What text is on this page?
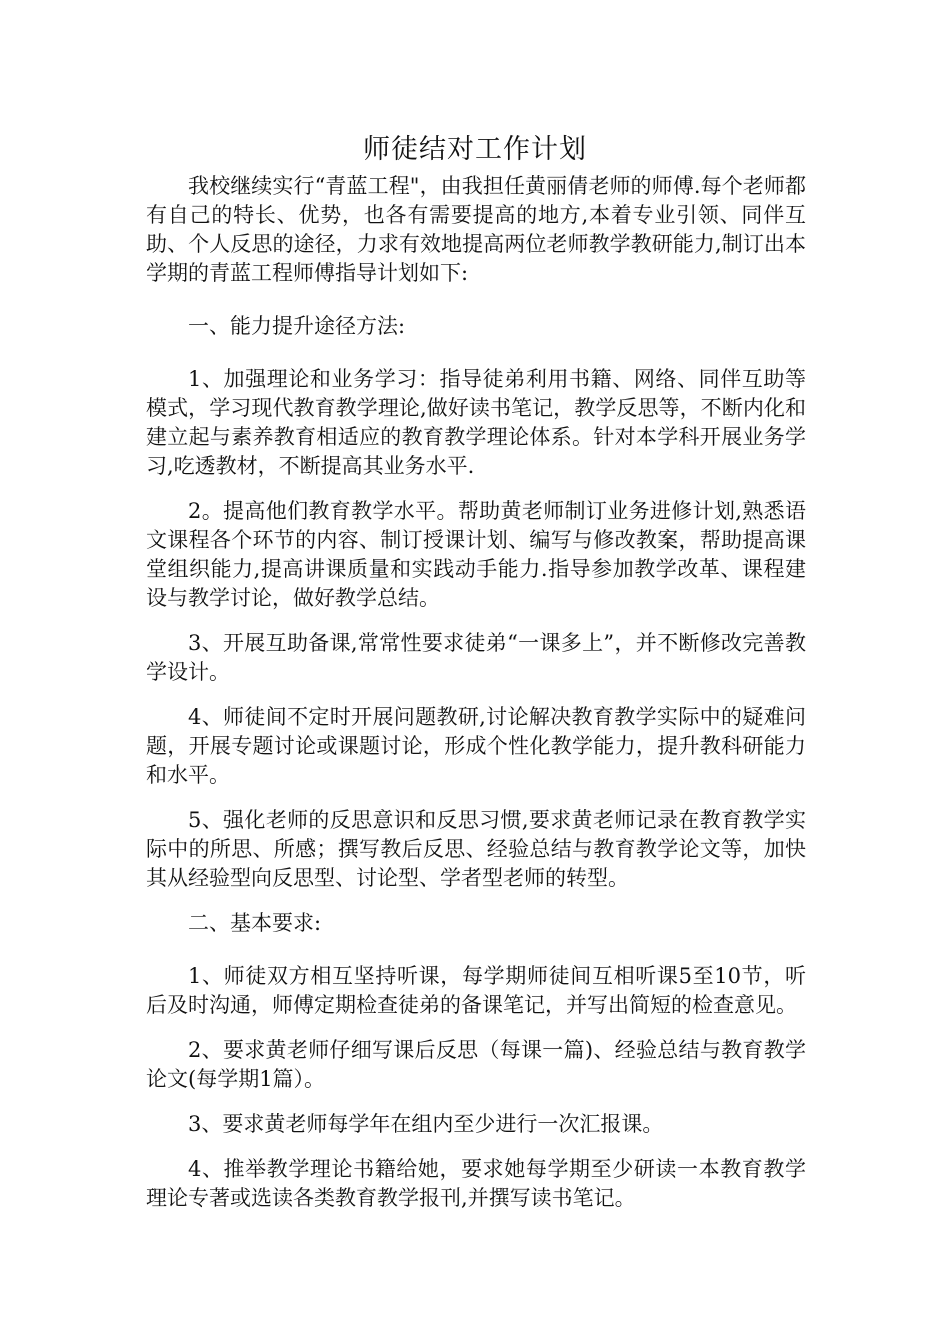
师徒结对工作计划

我校继续实行“青蓝工程"，由我担任黄丽倩老师的师傅.每个老师都有自己的特长、优势，也各有需要提高的地方,本着专业引领、同伴互助、个人反思的途径，力求有效地提高两位老师教学教研能力,制订出本学期的青蓝工程师傅指导计划如下:

一、能力提升途径方法:

1、加强理论和业务学习：指导徒弟利用书籍、网络、同伴互助等模式，学习现代教育教学理论,做好读书笔记，教学反思等，不断内化和建立起与素养教育相适应的教育教学理论体系。针对本学科开展业务学习,吃透教材，不断提高其业务水平.

2。提高他们教育教学水平。帮助黄老师制订业务进修计划,熟悉语文课程各个环节的内容、制订授课计划、编写与修改教案，帮助提高课堂组织能力,提高讲课质量和实践动手能力.指导参加教学改革、课程建设与教学讨论，做好教学总结。

3、开展互助备课,常常性要求徒弟“一课多上”，并不断修改完善教学设计。

4、师徒间不定时开展问题教研,讨论解决教育教学实际中的疑难问题，开展专题讨论或课题讨论，形成个性化教学能力，提升教科研能力和水平。

5、强化老师的反思意识和反思习惯,要求黄老师记录在教育教学实际中的所思、所感；撰写教后反思、经验总结与教育教学论文等，加快其从经验型向反思型、讨论型、学者型老师的转型。

二、基本要求:

1、师徒双方相互坚持听课，每学期师徒间互相听课5至10节，听后及时沟通，师傅定期检查徒弟的备课笔记，并写出简短的检查意见。

2、要求黄老师仔细写课后反思（每课一篇)、经验总结与教育教学论文(每学期1篇）。

3、要求黄老师每学年在组内至少进行一次汇报课。

4、推举教学理论书籍给她，要求她每学期至少研读一本教育教学理论专著或选读各类教育教学报刊,并撰写读书笔记。
